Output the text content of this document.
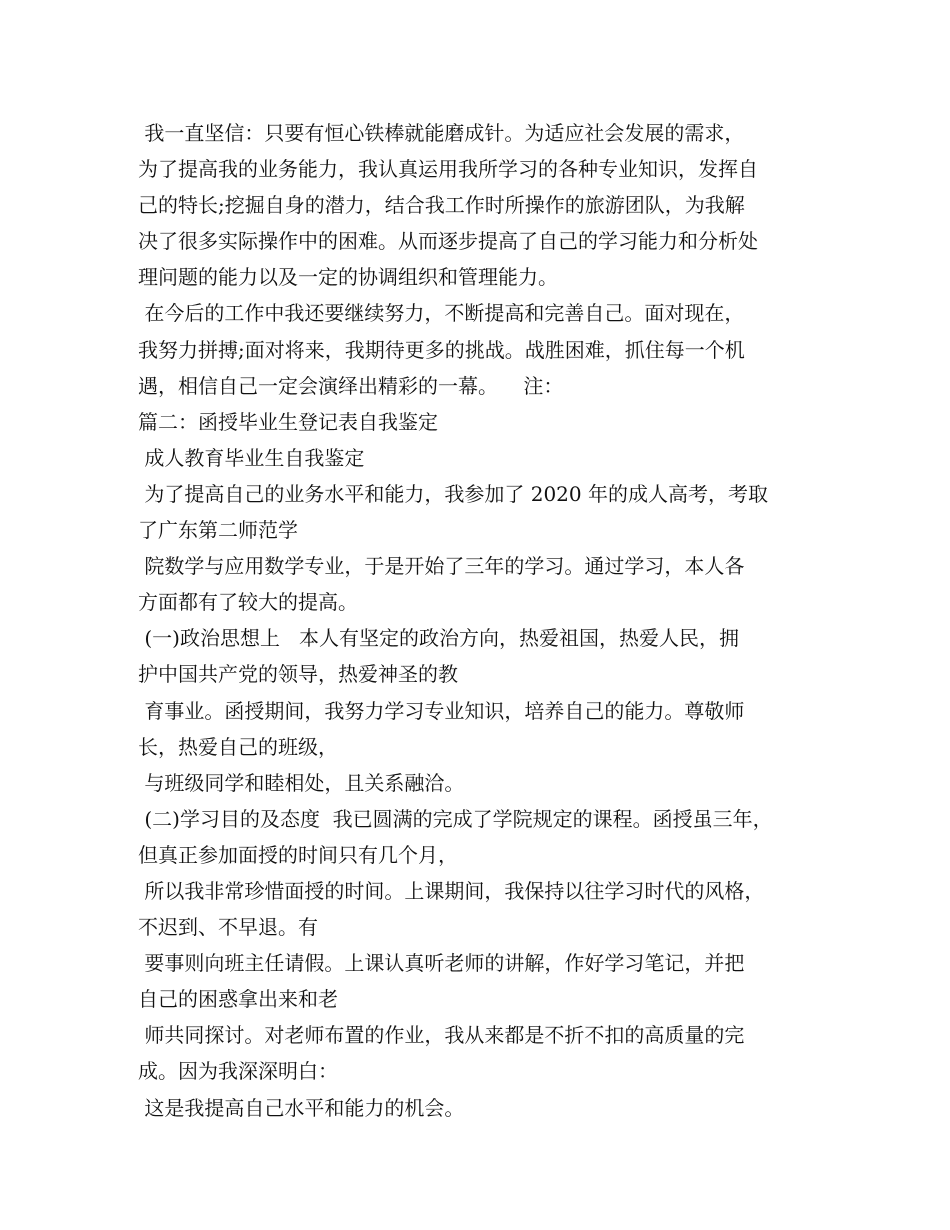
我一直坚信：只要有恒心铁棒就能磨成针。为适应社会发展的需求，
为了提高我的业务能力，我认真运用我所学习的各种专业知识，发挥自
己的特长;挖掘自身的潜力，结合我工作时所操作的旅游团队，为我解
决了很多实际操作中的困难。从而逐步提高了自己的学习能力和分析处
理问题的能力以及一定的协调组织和管理能力。
在今后的工作中我还要继续努力，不断提高和完善自己。面对现在，
我努力拼搏;面对将来，我期待更多的挑战。战胜困难，抓住每一个机
遇，相信自己一定会演绎出精彩的一幕。    注：
篇二：函授毕业生登记表自我鉴定
成人教育毕业生自我鉴定
为了提高自己的业务水平和能力，我参加了 2020 年的成人高考，考取
了广东第二师范学
院数学与应用数学专业，于是开始了三年的学习。通过学习，本人各
方面都有了较大的提高。
(一)政治思想上   本人有坚定的政治方向，热爱祖国，热爱人民，拥
护中国共产党的领导，热爱神圣的教
育事业。函授期间，我努力学习专业知识，培养自己的能力。尊敬师
长，热爱自己的班级，
与班级同学和睦相处，且关系融洽。
(二)学习目的及态度  我已圆满的完成了学院规定的课程。函授虽三年，
但真正参加面授的时间只有几个月，
所以我非常珍惜面授的时间。上课期间，我保持以往学习时代的风格，
不迟到、不早退。有
要事则向班主任请假。上课认真听老师的讲解，作好学习笔记，并把
自己的困惑拿出来和老
师共同探讨。对老师布置的作业，我从来都是不折不扣的高质量的完
成。因为我深深明白：
这是我提高自己水平和能力的机会。
